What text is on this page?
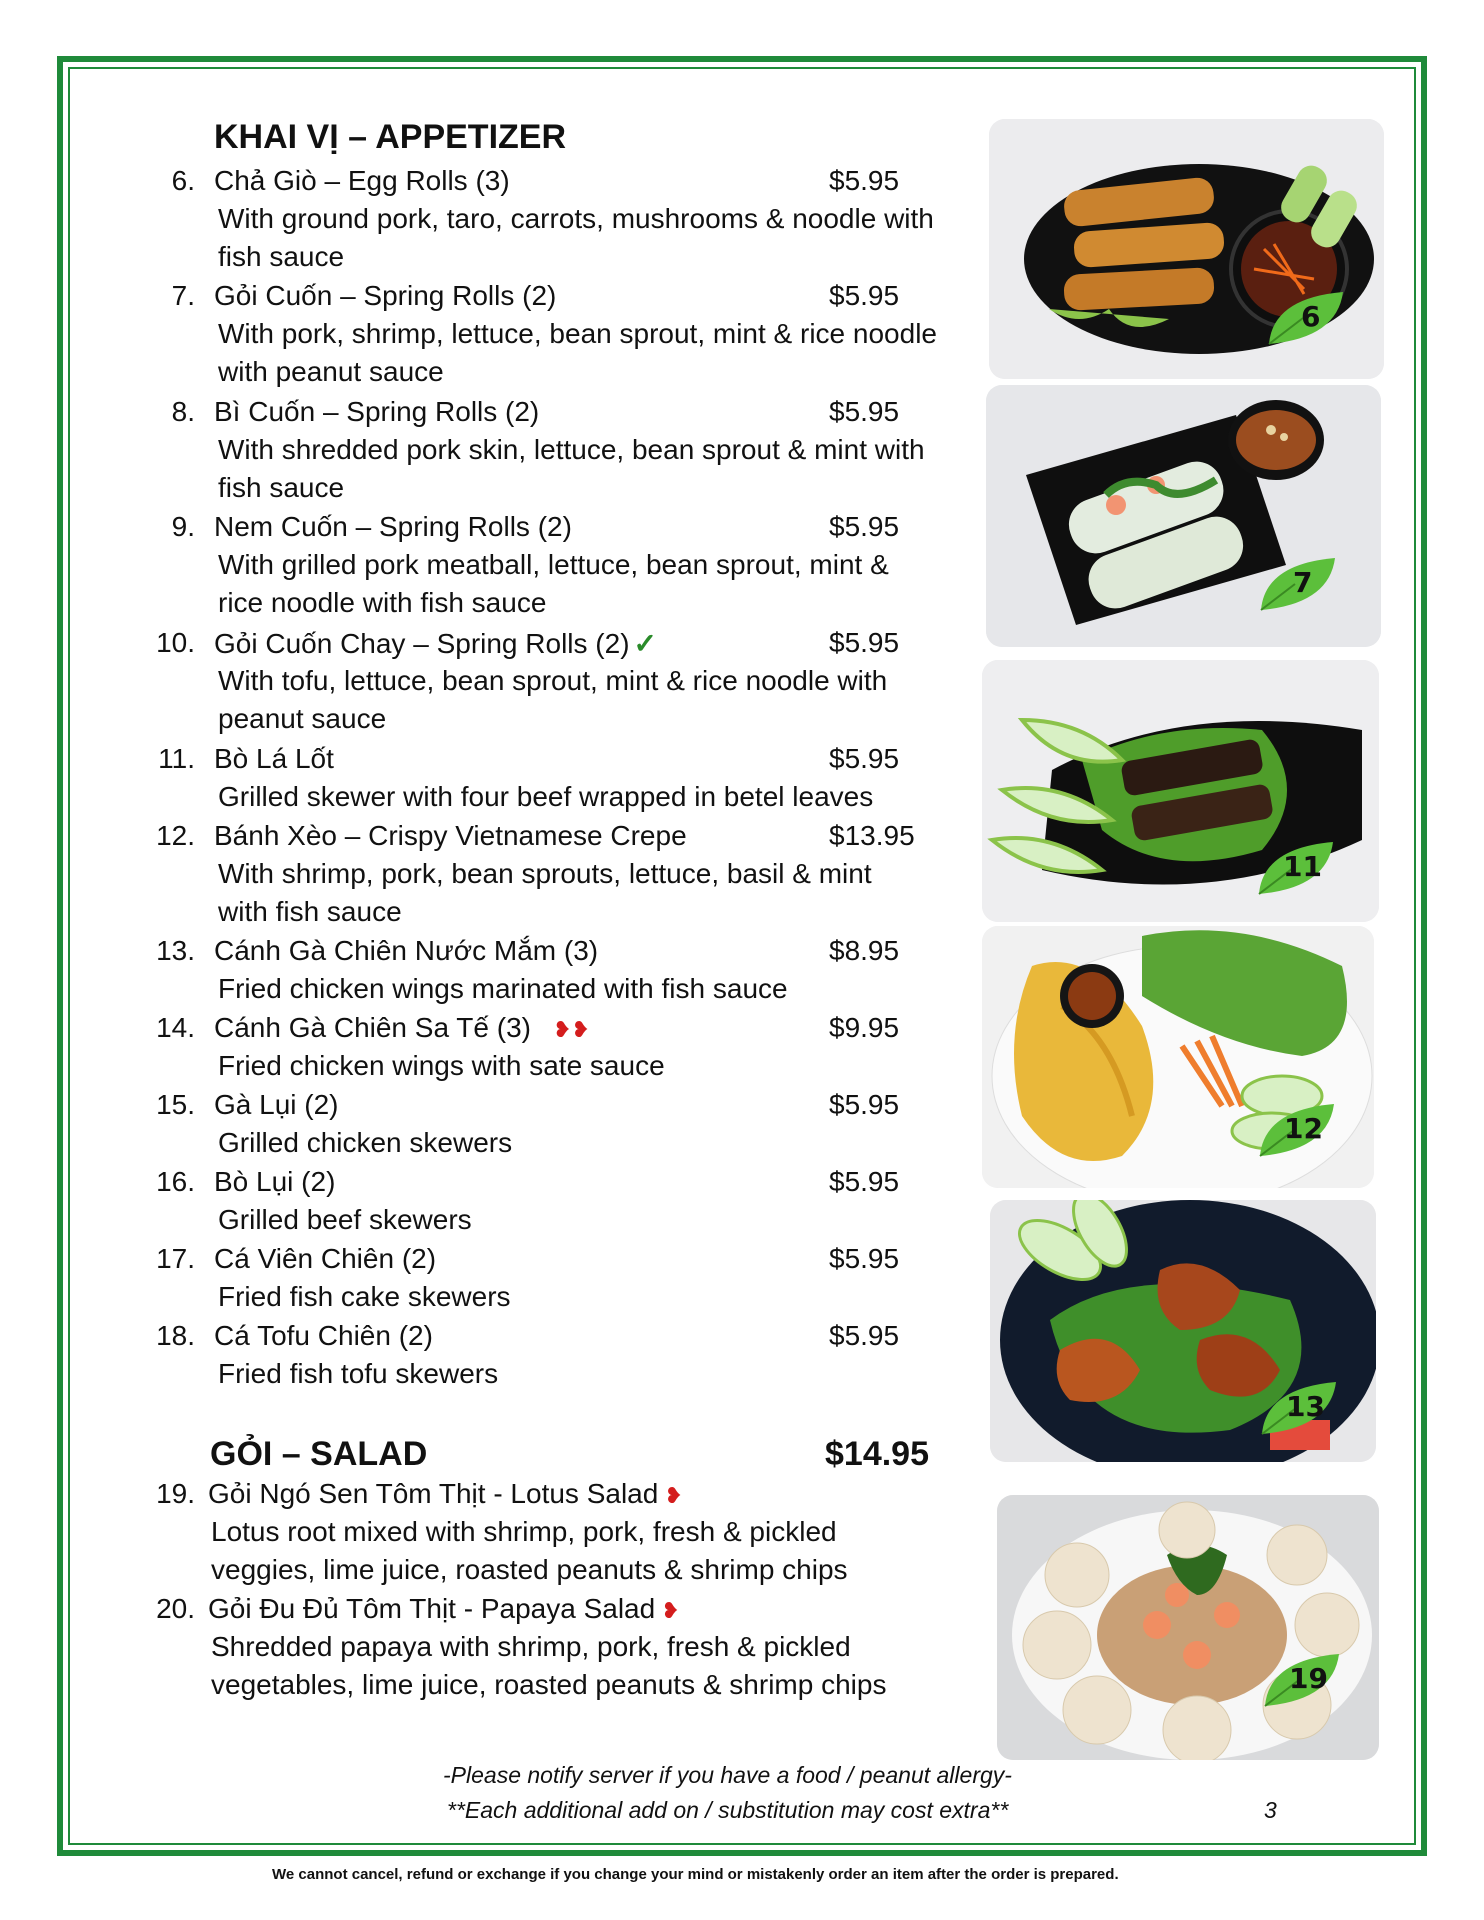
KHAI VỊ – APPETIZER
6. Chả Giò – Egg Rolls (3)	$5.95
With ground pork, taro, carrots, mushrooms & noodle with
fish sauce
7. Gỏi Cuốn – Spring Rolls (2)	$5.95
With pork, shrimp, lettuce, bean sprout, mint & rice noodle
with peanut sauce
8. Bì Cuốn – Spring Rolls (2)	$5.95
With shredded pork skin, lettuce, bean sprout & mint with
fish sauce
9. Nem Cuốn – Spring Rolls (2)	$5.95
With grilled pork meatball, lettuce, bean sprout, mint &
rice noodle with fish sauce
10. Gỏi Cuốn Chay – Spring Rolls (2) ✓	$5.95
With tofu, lettuce, bean sprout, mint & rice noodle with
peanut sauce
11. Bò Lá Lốt	$5.95
Grilled skewer with four beef wrapped in betel leaves
12. Bánh Xèo – Crispy Vietnamese Crepe	$13.95
With shrimp, pork, bean sprouts, lettuce, basil & mint
with fish sauce
13. Cánh Gà Chiên Nước Mắm (3)	$8.95
Fried chicken wings marinated with fish sauce
14. Cánh Gà Chiên Sa Tế (3) ❥❥	$9.95
Fried chicken wings with sate sauce
15. Gà Lụi (2)	$5.95
Grilled chicken skewers
16. Bò Lụi (2)	$5.95
Grilled beef skewers
17. Cá Viên Chiên (2)	$5.95
Fried fish cake skewers
18. Cá Tofu Chiên (2)	$5.95
Fried fish tofu skewers
GỎI – SALAD	$14.95
19. Gỏi Ngó Sen Tôm Thịt - Lotus Salad ❥
Lotus root mixed with shrimp, pork, fresh & pickled
veggies, lime juice, roasted peanuts & shrimp chips
20. Gỏi Đu Đủ Tôm Thịt - Papaya Salad ❥
Shredded papaya with shrimp, pork, fresh & pickled
vegetables, lime juice, roasted peanuts & shrimp chips
6
7
11
12
13
19
-Please notify server if you have a food / peanut allergy-
**Each additional add on / substitution may cost extra**	3
We cannot cancel, refund or exchange if you change your mind or mistakenly order an item after the order is prepared.
